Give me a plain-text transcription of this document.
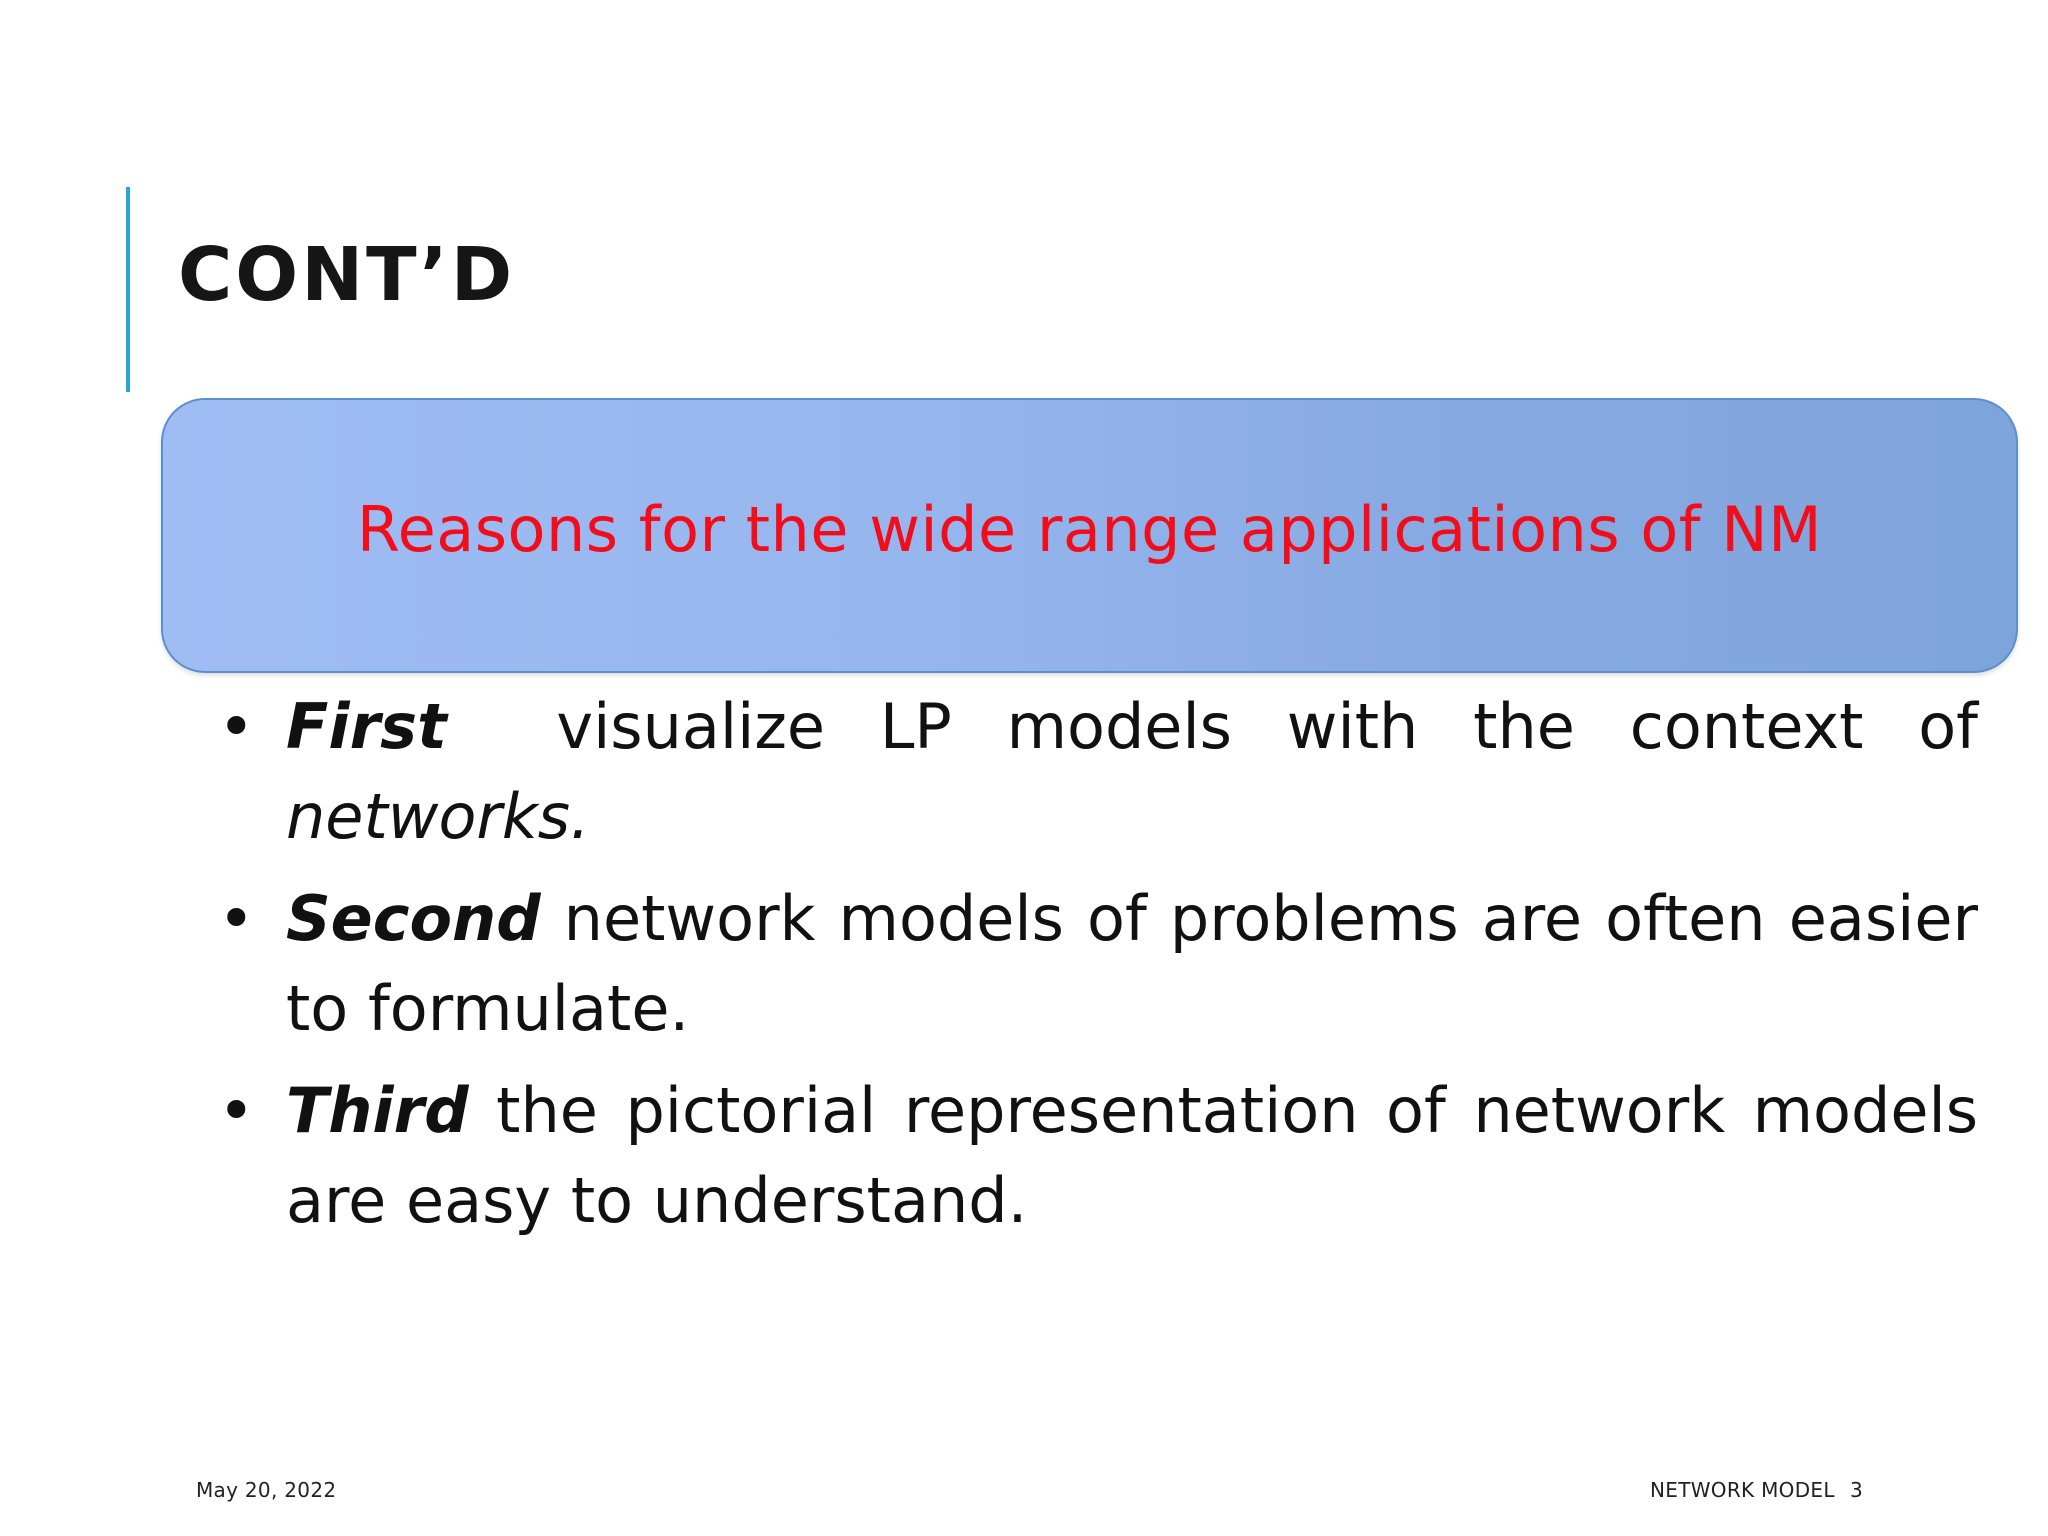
CONT’D
Reasons for the wide range applications of NM
• First  visualize LP models with the context of networks.
• Second network models of problems are often easier to formulate.
• Third the pictorial representation of network models are easy to understand.
May 20, 2022	NETWORK MODEL 3
